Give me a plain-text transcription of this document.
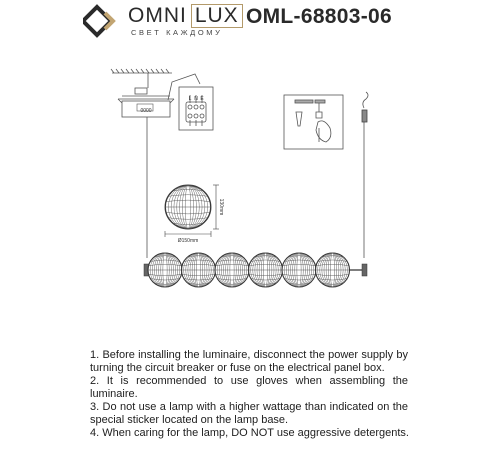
OMNI LUX
СВЕТ КАЖДОМУ
OML-68803-06
0000
L N E
130mm
Ø150mm
1. Before installing the luminaire, disconnect the power supply by
turning the circuit breaker or fuse on the electrical panel box.
2. It is recommended to use gloves when assembling the
luminaire.
3. Do not use a lamp with a higher wattage than indicated on the
special sticker located on the lamp base.
4. When caring for the lamp, DO NOT use aggressive detergents.
